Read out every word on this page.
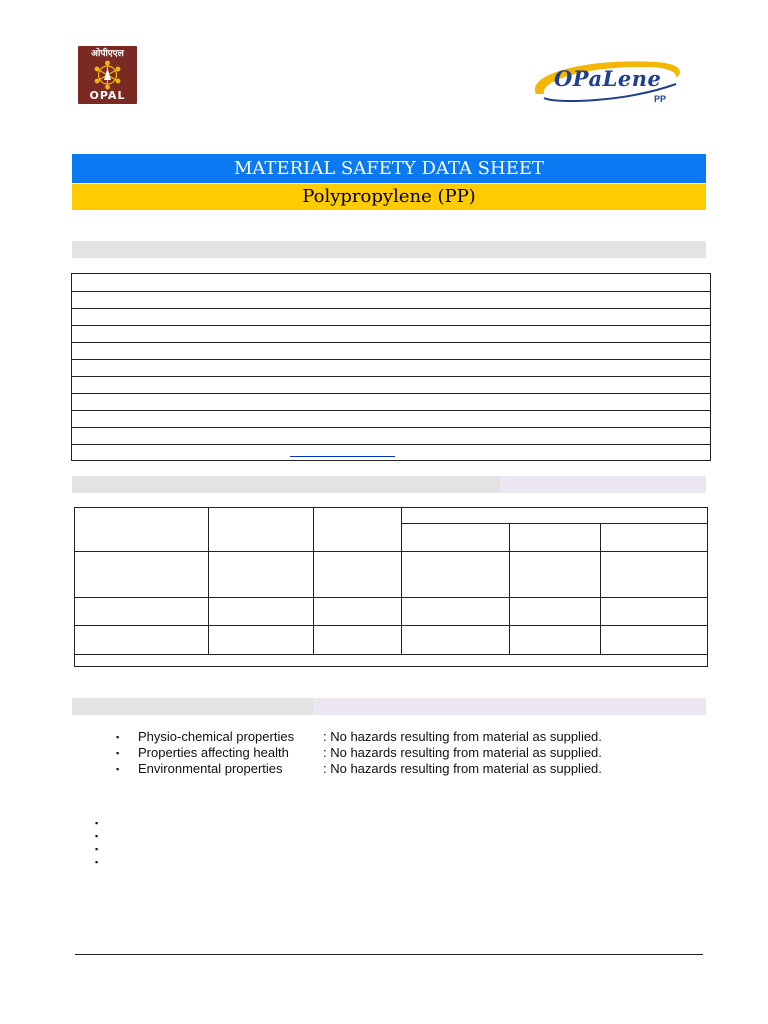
ओपीएएल
OPAL
OPaLene
PP
MATERIAL SAFETY DATA SHEET
Polypropylene (PP)
▪ Physio-chemical properties : No hazards resulting from material as supplied.
▪ Properties affecting health	: No hazards resulting from material as supplied.
▪ Environmental properties	: No hazards resulting from material as supplied.
▪
▪
▪
▪
